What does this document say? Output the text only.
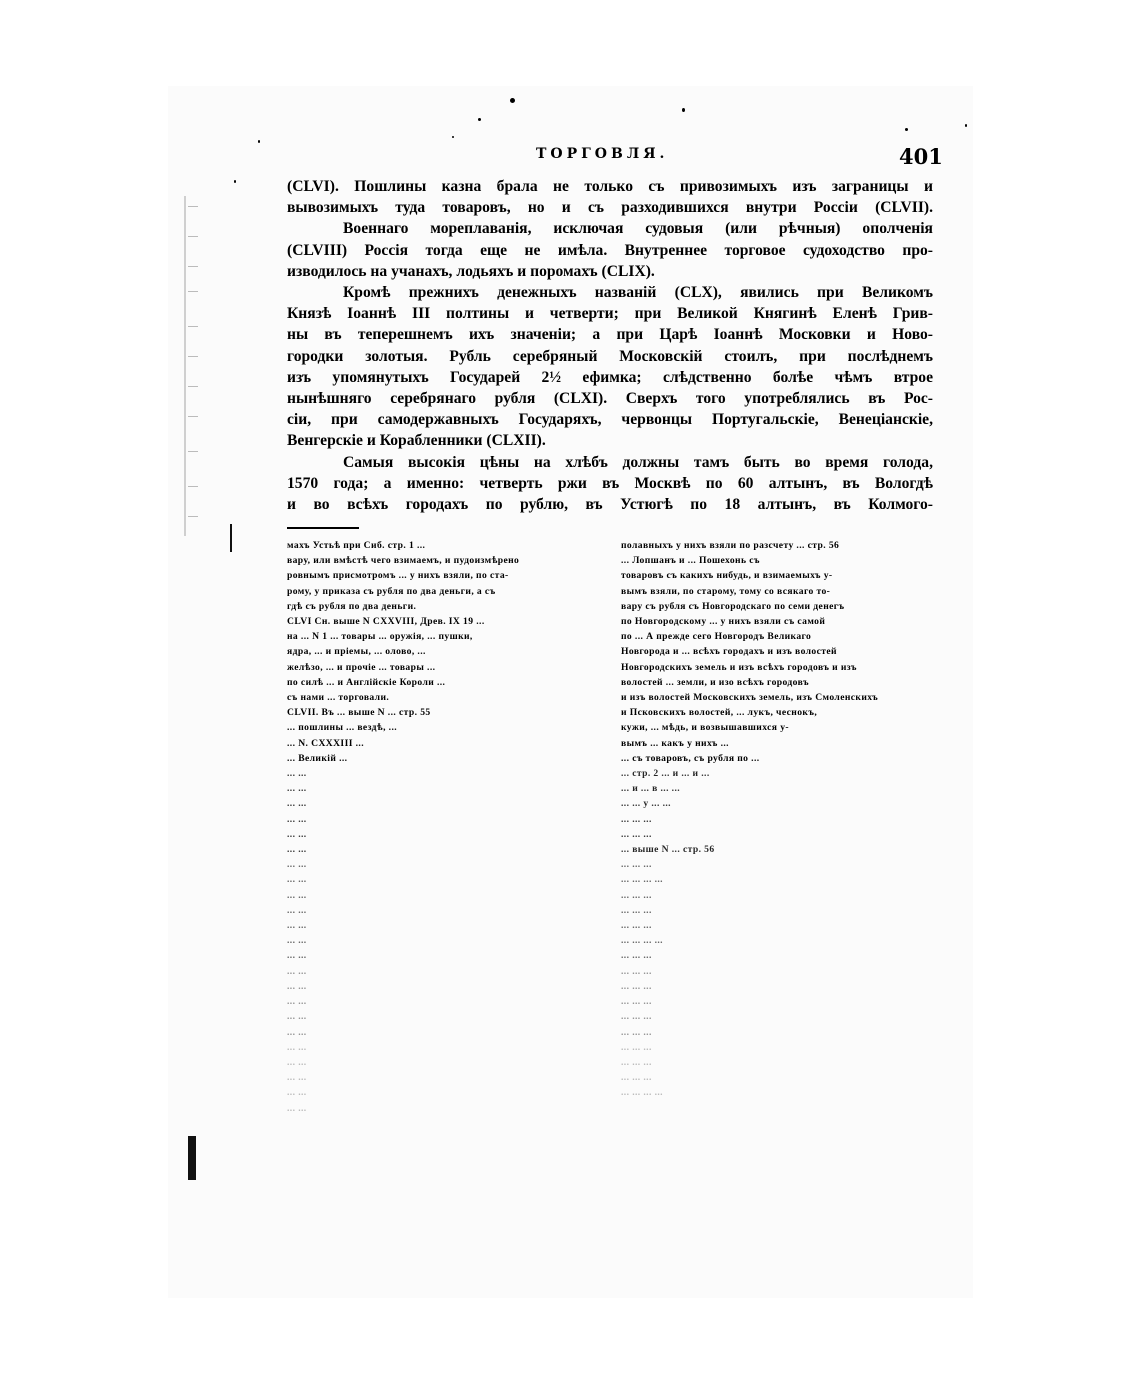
ТОРГОВЛЯ.	401
(CLVI). Пошлины казна брала не только съ привозимыхъ изъ заграницы и
вывозимыхъ туда товаровъ, но и съ разходившихся внутри Россіи (CLVII).
Военнаго мореплаванія, исключая судовыя (или рѣчныя) ополченія
(CLVIII) Россія тогда еще не имѣла. Внутреннее торговое судоходство про-
изводилось на учанахъ, лодьяхъ и поромахъ (CLIX).
Кромѣ прежнихъ денежныхъ названій (CLX), явились при Великомъ
Князѣ Іоаннѣ III полтины и четверти; при Великой Княгинѣ Еленѣ Грив-
ны въ теперешнемъ ихъ значеніи; а при Царѣ Іоаннѣ Московки и Ново-
городки золотыя. Рубль серебряный Московскій стоилъ, при послѣднемъ
изъ упомянутыхъ Государей 2½ ефимка; слѣдственно болѣе чѣмъ втрое
нынѣшняго серебрянаго рубля (CLXI). Сверхъ того употреблялись въ Рос-
сіи, при самодержавныхъ Государяхъ, червонцы Португальскіе, Венеціанскіе,
Венгерскіе и Корабленники (CLXII).
Самыя высокія цѣны на хлѣбъ должны тамъ быть во время голода,
1570 года; а именно: четверть ржи въ Москвѣ по 60 алтынъ, въ Вологдѣ
и во всѣхъ городахъ по рублю, въ Устюгѣ по 18 алтынъ, въ Колмого-
махъ Устьѣ при Сиб. стр. 1 ...
вару, или вмѣстѣ чего взимаемъ, и пудоизмѣрено
ровнымъ присмотромъ ... у нихъ взяли, по ста-
рому, у приказа съ рубля по два деньги, а съ
гдѣ съ рубля по два деньги.
CLVI Сн. выше N CXXVIII, Древ. IX 19 ...
на ... N 1 ... товары ... оружія, ... пушки,
ядра, ... и пріемы, ... олово, ...
желѣзо, ... и прочіе ... товары ...
по силѣ ... и Англійскіе Короли ...
съ нами ... торговали.
CLVII. Въ ... выше N ... стр. 55
... пошлины ... вездѣ, ...
... N. CXXXIII ...
... Великій ...
... ...
... ...
... ...
... ...
... ...
... ...
... ...
... ...
... ...
... ...
... ...
... ...
... ...
... ...
... ...
... ...
... ...
... ...
... ...
... ...
... ...
... ...
... ...
полавныхъ у нихъ взяли по разсчету ... стр. 56
... Лопшанъ и ... Пошехонь съ
товаровъ съ какихъ нибудь, и взимаемыхъ у-
вымъ взяли, по старому, тому со всякаго то-
вару съ рубля съ Новгородскаго по семи денегъ
по Новгородскому ... у нихъ взяли съ самой
по ... А прежде сего Новгородъ Великаго
Новгорода и ... всѣхъ городахъ и изъ волостей
Новгородскихъ земель и изъ всѣхъ городовъ и изъ
волостей ... земли, и изо всѣхъ городовъ
и изъ волостей Московскихъ земель, изъ Смоленскихъ
и Псковскихъ волостей, ... лукъ, чеснокъ,
кужи, ... мѣдь, и возвышавшихся у-
вымъ ... какъ у нихъ ...
... съ товаровъ, съ рубля по ...
... стр. 2 ... и ... и ...
... и ... в ... ...
... ... у ... ...
... ... ...
... ... ...
... выше N ... стр. 56
... ... ...
... ... ... ...
... ... ...
... ... ...
... ... ...
... ... ... ...
... ... ...
... ... ...
... ... ...
... ... ...
... ... ...
... ... ...
... ... ...
... ... ...
... ... ...
... ... ... ...
